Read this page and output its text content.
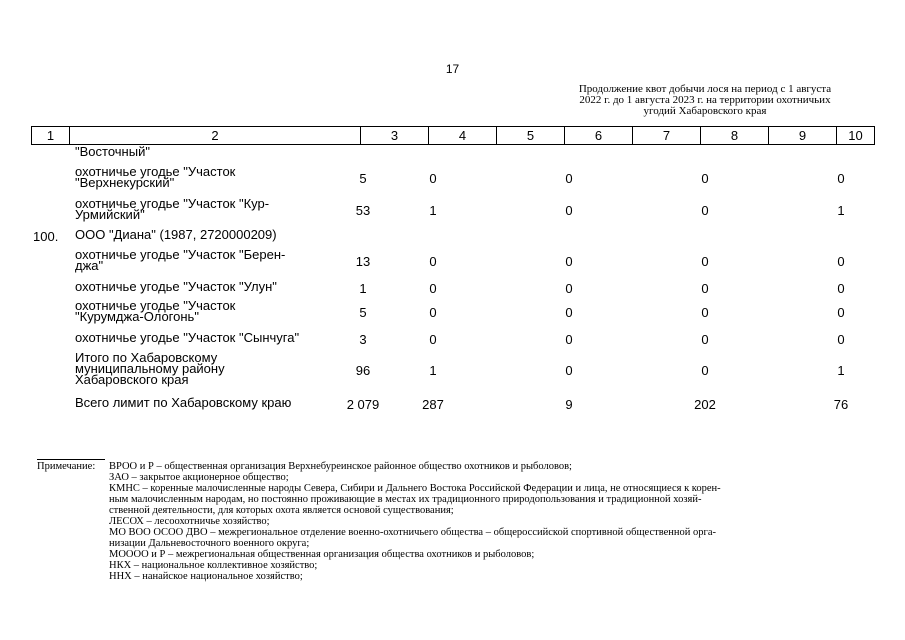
17
Продолжение квот добычи лося на период с 1 августа
2022 г. до 1 августа 2023 г. на территории охотничьих
угодий Хабаровского края
1	2	3	4	5	6	7	8	9	10
"Восточный"
охотничье угодье "Участок
"Верхнекурский"	5	0	0	0	0
охотничье угодье "Участок "Кур-
Урмийский"	53	1	0	0	1
100. ООО "Диана" (1987, 2720000209)
охотничье угодье "Участок "Берен-
джа"	13	0	0	0	0
охотничье угодье "Участок "Улун"	1	0	0	0	0
охотничье угодье "Участок
"Курумджа-Ологонь"	5	0	0	0	0
охотничье угодье "Участок "Сынчуга"	3	0	0	0	0
Итого по Хабаровскому
муниципальному району
Хабаровского края
96	1	0	0	1
Всего лимит по Хабаровскому краю	2 079	287	9	202	76
Примечание: ВРОО и Р – общественная организация Верхнебуреинское районное общество охотников и рыболовов;
ЗАО – закрытое акционерное общество;
КМНС – коренные малочисленные народы Севера, Сибири и Дальнего Востока Российской Федерации и лица, не относящиеся к корен-
ным малочисленным народам, но постоянно проживающие в местах их традиционного природопользования и традиционной хозяй-
ственной деятельности, для которых охота является основой существования;
ЛЕСОХ – лесоохотничье хозяйство;
МО ВОО ОСОО ДВО – межрегиональное отделение военно-охотничьего общества – общероссийской спортивной общественной орга-
низации Дальневосточного военного округа;
МООOO и Р – межрегиональная общественная организация общества охотников и рыболовов;
НКХ – национальное коллективное хозяйство;
ННХ – нанайское национальное хозяйство;
